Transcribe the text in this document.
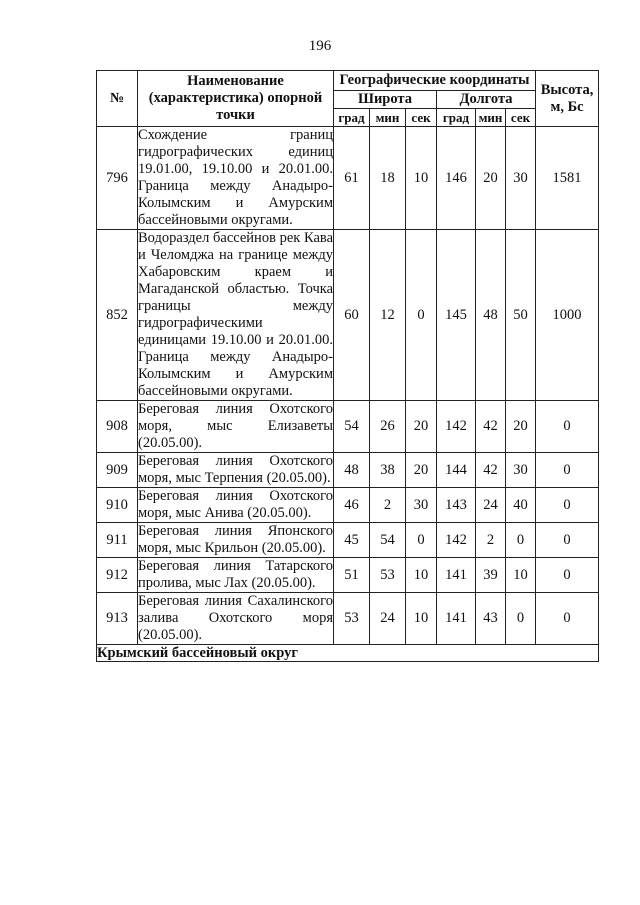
196
№	Наименование (характеристика) опорной точки	Географические координаты						Высота, м, Бс
		Широта			Долгота			
		град	мин	сек	град	мин	сек	
796	Схождение границ гидрографических единиц 19.01.00, 19.10.00 и 20.01.00. Граница между Анадыро-Колымским и Амурским бассейновыми округами.	61	18	10	146	20	30	1581
852	Водораздел бассейнов рек Кава и Челомджа на границе между Хабаровским краем и Магаданской областью. Точка границы между гидрографическими единицами 19.10.00 и 20.01.00. Граница между Анадыро-Колымским и Амурским бассейновыми округами.	60	12	0	145	48	50	1000
908	Береговая линия Охотского моря, мыс Елизаветы (20.05.00).	54	26	20	142	42	20	0
909	Береговая линия Охотского моря, мыс Терпения (20.05.00).	48	38	20	144	42	30	0
910	Береговая линия Охотского моря, мыс Анива (20.05.00).	46	2	30	143	24	40	0
911	Береговая линия Японского моря, мыс Крильон (20.05.00).	45	54	0	142	2	0	0
912	Береговая линия Татарского пролива, мыс Лах (20.05.00).	51	53	10	141	39	10	0
913	Береговая линия Сахалинского залива Охотского моря (20.05.00).	53	24	10	141	43	0	0
Крымский бассейновый округ								
